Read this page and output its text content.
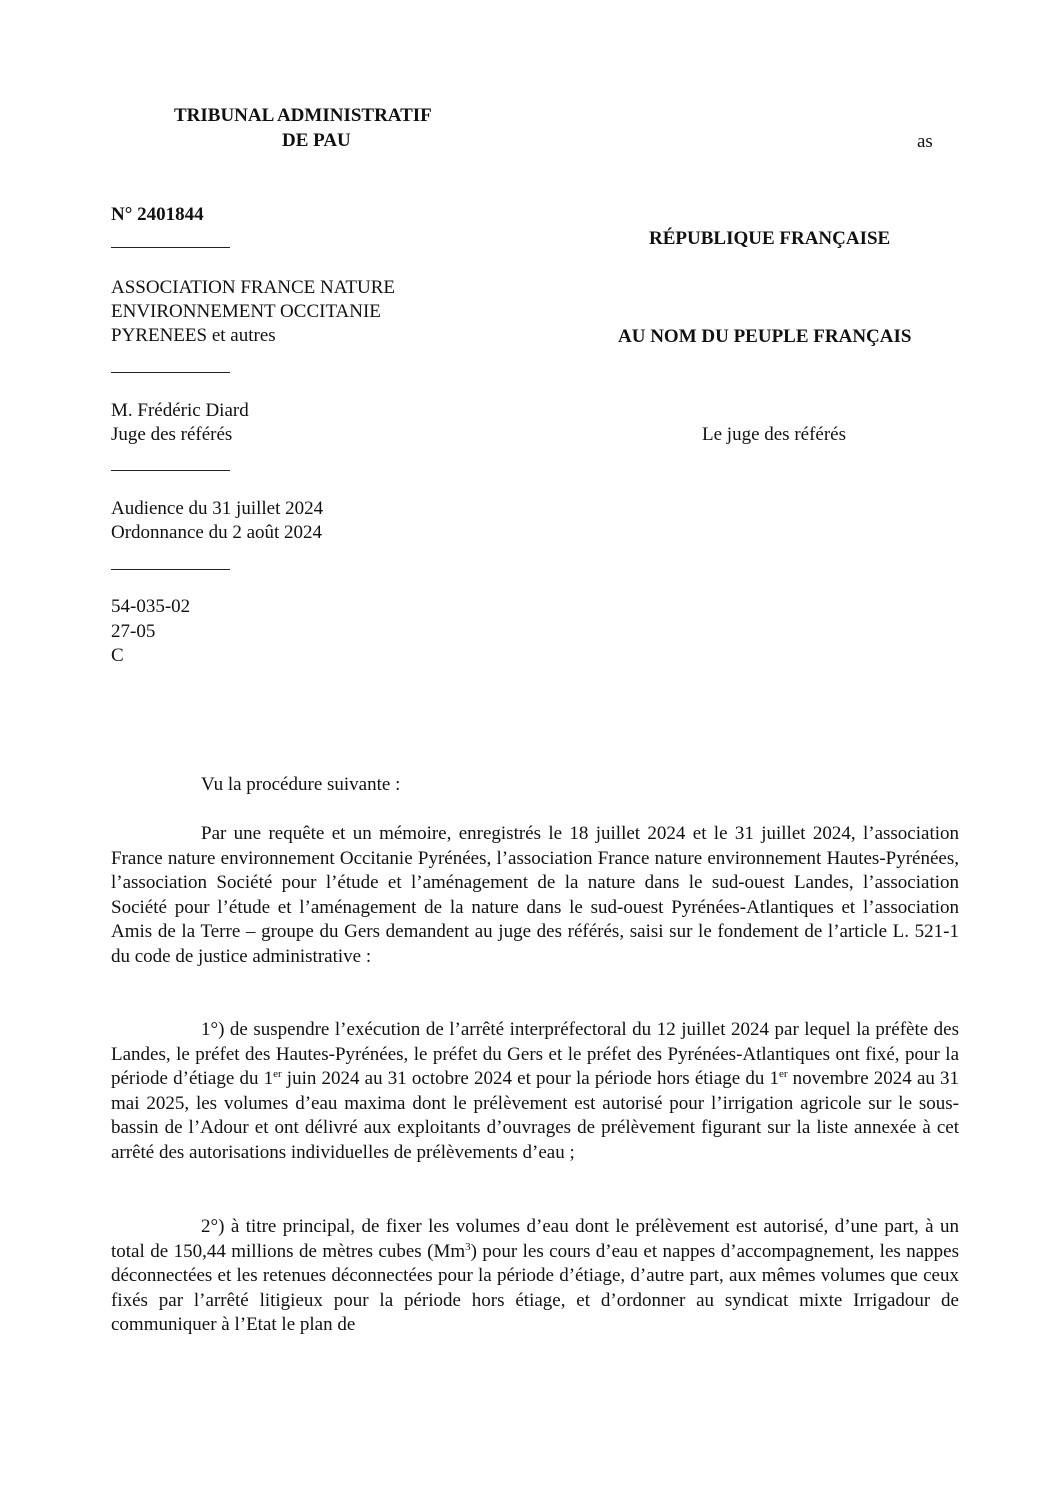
TRIBUNAL ADMINISTRATIF
DE PAU	as
N° 2401844
ASSOCIATION FRANCE NATURE
ENVIRONNEMENT OCCITANIE
PYRENEES et autres
M. Frédéric Diard
Juge des référés
Audience du 31 juillet 2024
Ordonnance du 2 août 2024
54-035-02
27-05
C
RÉPUBLIQUE FRANÇAISE
AU NOM DU PEUPLE FRANÇAIS
Le juge des référés
Vu la procédure suivante :
Par une requête et un mémoire, enregistrés le 18 juillet 2024 et le 31 juillet 2024, l’association France nature environnement Occitanie Pyrénées, l’association France nature environnement Hautes-Pyrénées, l’association Société pour l’étude et l’aménagement de la nature dans le sud-ouest Landes, l’association Société pour l’étude et l’aménagement de la nature dans le sud-ouest Pyrénées-Atlantiques et l’association Amis de la Terre – groupe du Gers demandent au juge des référés, saisi sur le fondement de l’article L. 521-1 du code de justice administrative :
1°) de suspendre l’exécution de l’arrêté interpréfectoral du 12 juillet 2024 par lequel la préfète des Landes, le préfet des Hautes-Pyrénées, le préfet du Gers et le préfet des Pyrénées-Atlantiques ont fixé, pour la période d’étiage du 1er juin 2024 au 31 octobre 2024 et pour la période hors étiage du 1er novembre 2024 au 31 mai 2025, les volumes d’eau maxima dont le prélèvement est autorisé pour l’irrigation agricole sur le sous-bassin de l’Adour et ont délivré aux exploitants d’ouvrages de prélèvement figurant sur la liste annexée à cet arrêté des autorisations individuelles de prélèvements d’eau ;
2°) à titre principal, de fixer les volumes d’eau dont le prélèvement est autorisé, d’une part, à un total de 150,44 millions de mètres cubes (Mm$^3$) pour les cours d’eau et nappes d’accompagnement, les nappes déconnectées et les retenues déconnectées pour la période d’étiage, d’autre part, aux mêmes volumes que ceux fixés par l’arrêté litigieux pour la période hors étiage, et d’ordonner au syndicat mixte Irrigadour de communiquer à l’Etat le plan de
